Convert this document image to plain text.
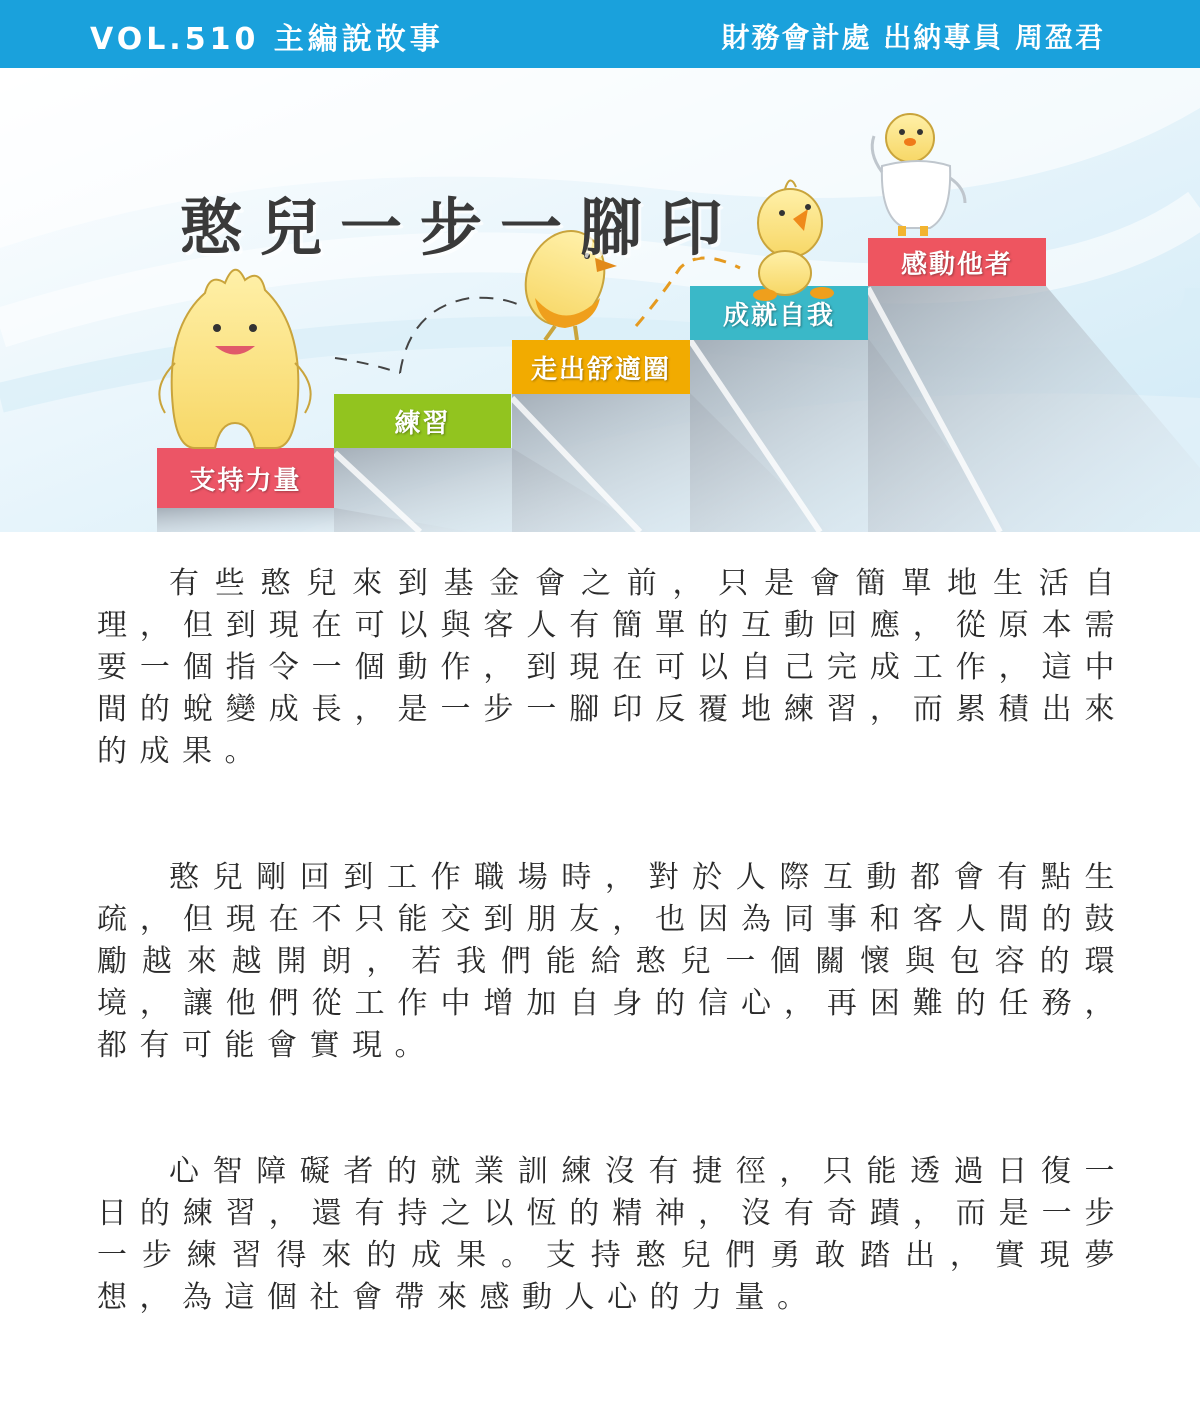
VOL.510 主編說故事	財務會計處 出納專員 周盈君
憨兒一步一腳印
支持力量
練習
走出舒適圈
成就自我
感動他者

有些憨兒來到基金會之前，只是會簡單地生活自理，但到現在可以與客人有簡單的互動回應，從原本需要一個指令一個動作，到現在可以自己完成工作，這中間的蛻變成長，是一步一腳印反覆地練習，而累積出來的成果。

憨兒剛回到工作職場時，對於人際互動都會有點生疏，但現在不只能交到朋友，也因為同事和客人間的鼓勵越來越開朗，若我們能給憨兒一個關懷與包容的環境，讓他們從工作中增加自身的信心，再困難的任務，都有可能會實現。

心智障礙者的就業訓練沒有捷徑，只能透過日復一日的練習，還有持之以恆的精神，沒有奇蹟，而是一步一步練習得來的成果。支持憨兒們勇敢踏出，實現夢想，為這個社會帶來感動人心的力量。
